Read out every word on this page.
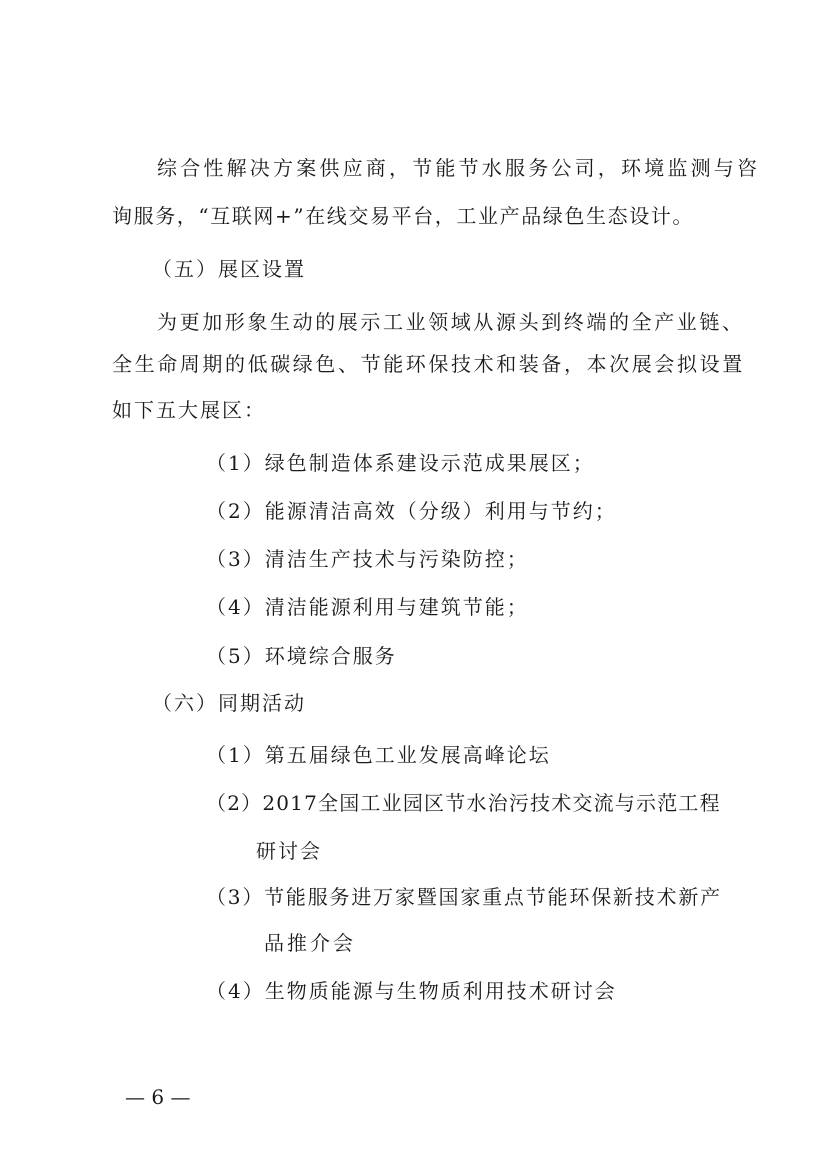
综合性解决方案供应商，节能节水服务公司，环境监测与咨
询服务，“互联网+”在线交易平台，工业产品绿色生态设计。
（五）展区设置
为更加形象生动的展示工业领域从源头到终端的全产业链、
全生命周期的低碳绿色、节能环保技术和装备，本次展会拟设置
如下五大展区：
（1）绿色制造体系建设示范成果展区；
（2）能源清洁高效（分级）利用与节约；
（3）清洁生产技术与污染防控；
（4）清洁能源利用与建筑节能；
（5）环境综合服务
（六）同期活动
（1）第五届绿色工业发展高峰论坛
（2）2017全国工业园区节水治污技术交流与示范工程
研讨会
（3）节能服务进万家暨国家重点节能环保新技术新产
品推介会
（4）生物质能源与生物质利用技术研讨会
— 6 —
